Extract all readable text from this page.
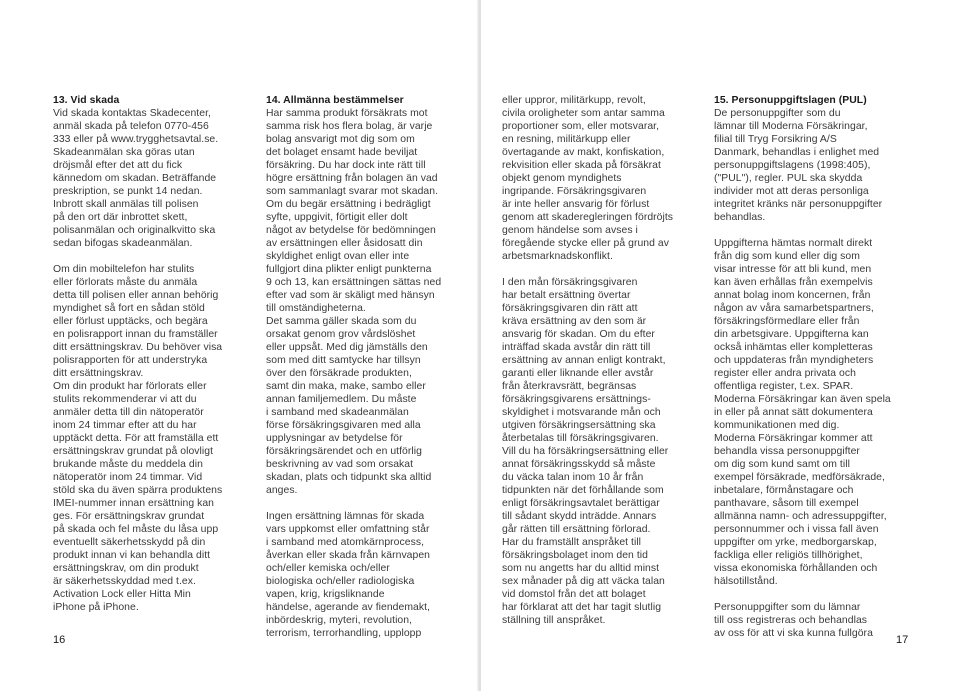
13. Vid skada
Vid skada kontaktas Skadecenter,
anmäl skada på telefon 0770-456
333 eller på www.trygghetsavtal.se.
Skadeanmälan ska göras utan
dröjsmål efter det att du fick
kännedom om skadan. Beträffande
preskription, se punkt 14 nedan.
Inbrott skall anmälas till polisen
på den ort där inbrottet skett,
polisanmälan och originalkvitto ska
sedan bifogas skadeanmälan.
Om din mobiltelefon har stulits
eller förlorats måste du anmäla
detta till polisen eller annan behörig
myndighet så fort en sådan stöld
eller förlust upptäcks, och begära
en polisrapport innan du framställer
ditt ersättningskrav. Du behöver visa
polisrapporten för att understryka
ditt ersättningskrav.
Om din produkt har förlorats eller
stulits rekommenderar vi att du
anmäler detta till din nätoperatör
inom 24 timmar efter att du har
upptäckt detta. För att framställa ett
ersättningskrav grundat på olovligt
brukande måste du meddela din
nätoperatör inom 24 timmar. Vid
stöld ska du även spärra produktens
IMEI-nummer innan ersättning kan
ges. För ersättningskrav grundat
på skada och fel måste du låsa upp
eventuellt säkerhetsskydd på din
produkt innan vi kan behandla ditt
ersättningskrav, om din produkt
är säkerhetsskyddad med t.ex.
Activation Lock eller Hitta Min
iPhone på iPhone.
14. Allmänna bestämmelser
Har samma produkt försäkrats mot
samma risk hos flera bolag, är varje
bolag ansvarigt mot dig som om
det bolaget ensamt hade beviljat
försäkring. Du har dock inte rätt till
högre ersättning från bolagen än vad
som sammanlagt svarar mot skadan.
Om du begär ersättning i bedrägligt
syfte, uppgivit, förtigit eller dolt
något av betydelse för bedömningen
av ersättningen eller åsidosatt din
skyldighet enligt ovan eller inte
fullgjort dina plikter enligt punkterna
9 och 13, kan ersättningen sättas ned
efter vad som är skäligt med hänsyn
till omständigheterna.
Det samma gäller skada som du
orsakat genom grov vårdslöshet
eller uppsåt. Med dig jämställs den
som med ditt samtycke har tillsyn
över den försäkrade produkten,
samt din maka, make, sambo eller
annan familjemedlem. Du måste
i samband med skadeanmälan
förse försäkringsgivaren med alla
upplysningar av betydelse för
försäkringsärendet och en utförlig
beskrivning av vad som orsakat
skadan, plats och tidpunkt ska alltid
anges.
Ingen ersättning lämnas för skada
vars uppkomst eller omfattning står
i samband med atomkärnprocess,
åverkan eller skada från kärnvapen
och/eller kemiska och/eller
biologiska och/eller radiologiska
vapen, krig, krigsliknande
händelse, agerande av fiendemakt,
inbördeskrig, myteri, revolution,
terrorism, terrorhandling, upplopp
16
eller uppror, militärkupp, revolt,
civila oroligheter som antar samma
proportioner som, eller motsvarar,
en resning, militärkupp eller
övertagande av makt, konfiskation,
rekvisition eller skada på försäkrat
objekt genom myndighets
ingripande. Försäkringsgivaren
är inte heller ansvarig för förlust
genom att skaderegleringen fördröjts
genom händelse som avses i
föregående stycke eller på grund av
arbetsmarknadskonflikt.
I den mån försäkringsgivaren
har betalt ersättning övertar
försäkringsgivaren din rätt att
kräva ersättning av den som är
ansvarig för skadan. Om du efter
inträffad skada avstår din rätt till
ersättning av annan enligt kontrakt,
garanti eller liknande eller avstår
från återkravsrätt, begränsas
försäkringsgivarens ersättnings-
skyldighet i motsvarande mån och
utgiven försäkringsersättning ska
återbetalas till försäkringsgivaren.
Vill du ha försäkringsersättning eller
annat försäkringsskydd så måste
du väcka talan inom 10 år från
tidpunkten när det förhållande som
enligt försäkringsavtalet berättigar
till sådant skydd inträdde. Annars
går rätten till ersättning förlorad.
Har du framställt anspråket till
försäkringsbolaget inom den tid
som nu angetts har du alltid minst
sex månader på dig att väcka talan
vid domstol från det att bolaget
har förklarat att det har tagit slutlig
ställning till anspråket.
15. Personuppgiftslagen (PUL)
De personuppgifter som du
lämnar till Moderna Försäkringar,
filial till Tryg Forsikring A/S
Danmark, behandlas i enlighet med
personuppgiftslagens (1998:405),
("PUL"), regler. PUL ska skydda
individer mot att deras personliga
integritet kränks när personuppgifter
behandlas.
Uppgifterna hämtas normalt direkt
från dig som kund eller dig som
visar intresse för att bli kund, men
kan även erhållas från exempelvis
annat bolag inom koncernen, från
någon av våra samarbetspartners,
försäkringsförmedlare eller från
din arbetsgivare. Uppgifterna kan
också inhämtas eller kompletteras
och uppdateras från myndigheters
register eller andra privata och
offentliga register, t.ex. SPAR.
Moderna Försäkringar kan även spela
in eller på annat sätt dokumentera
kommunikationen med dig.
Moderna Försäkringar kommer att
behandla vissa personuppgifter
om dig som kund samt om till
exempel försäkrade, medförsäkrade,
inbetalare, förmånstagare och
panthavare, såsom till exempel
allmänna namn- och adressuppgifter,
personnummer och i vissa fall även
uppgifter om yrke, medborgarskap,
fackliga eller religiös tillhörighet,
vissa ekonomiska förhållanden och
hälsotillstånd.
Personuppgifter som du lämnar
till oss registreras och behandlas
av oss för att vi ska kunna fullgöra
17
